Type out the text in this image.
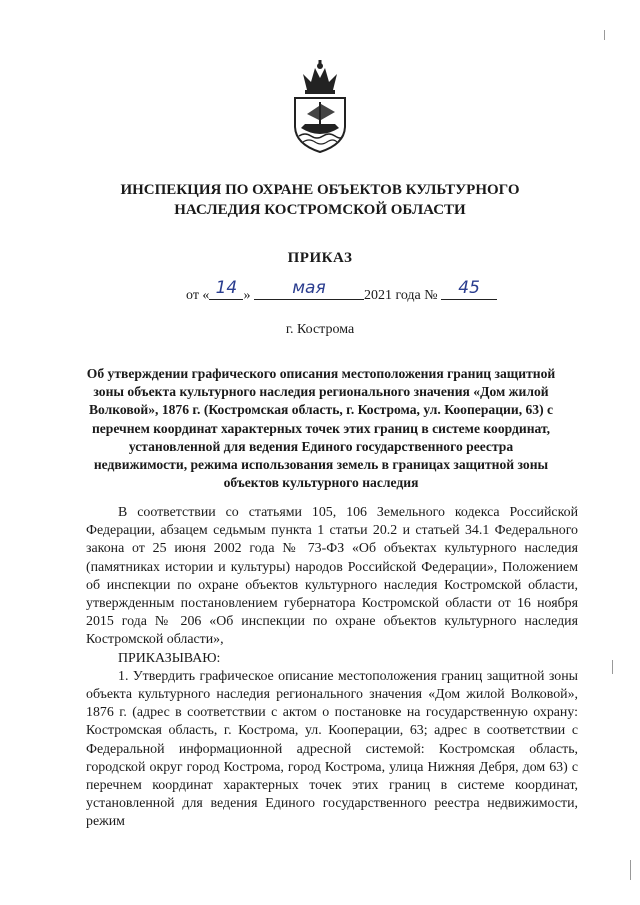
ИНСПЕКЦИЯ ПО ОХРАНЕ ОБЪЕКТОВ КУЛЬТУРНОГО НАСЛЕДИЯ КОСТРОМСКОЙ ОБЛАСТИ
ПРИКАЗ
от « 14 » мая	2021 года № 45
г. Кострома
Об утверждении графического описания местоположения границ защитной зоны объекта культурного наследия регионального значения «Дом жилой Волковой», 1876 г. (Костромская область, г. Кострома, ул. Кооперации, 63) с перечнем координат характерных точек этих границ в системе координат, установленной для ведения Единого государственного реестра недвижимости, режима использования земель в границах защитной зоны объектов культурного наследия

В соответствии со статьями 105, 106 Земельного кодекса Российской Федерации, абзацем седьмым пункта 1 статьи 20.2 и статьей 34.1 Федерального закона от 25 июня 2002 года № 73-ФЗ «Об объектах культурного наследия (памятниках истории и культуры) народов Российской Федерации», Положением об инспекции по охране объектов культурного наследия Костромской области, утвержденным постановлением губернатора Костромской области от 16 ноября 2015 года № 206 «Об инспекции по охране объектов культурного наследия Костромской области»,

ПРИКАЗЫВАЮ:

1. Утвердить графическое описание местоположения границ защитной зоны объекта культурного наследия регионального значения «Дом жилой Волковой», 1876 г. (адрес в соответствии с актом о постановке на государственную охрану: Костромская область, г. Кострома, ул. Кооперации, 63; адрес в соответствии с Федеральной информационной адресной системой: Костромская область, городской округ город Кострома, город Кострома, улица Нижняя Дебря, дом 63) с перечнем координат характерных точек этих границ в системе координат, установленной для ведения Единого государственного реестра недвижимости, режим
